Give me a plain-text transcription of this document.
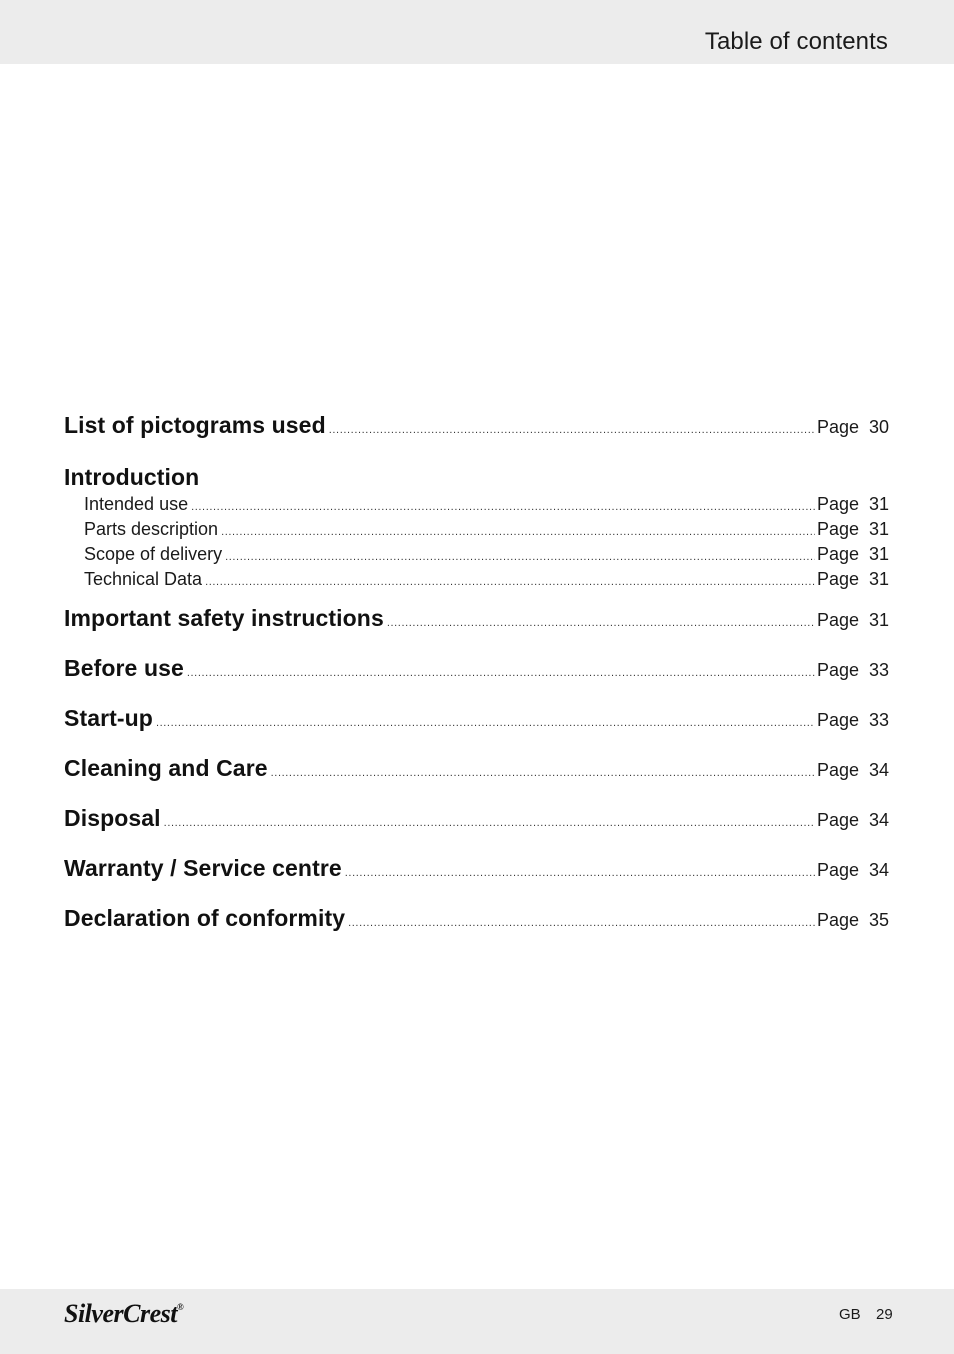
Table of contents
List of pictograms used .....	Page 30
Introduction
Intended use .....	Page 31
Parts description .....	Page 31
Scope of delivery .....	Page 31
Technical Data .....	Page 31
Important safety instructions .....	Page 31
Before use .....	Page 33
Start-up .....	Page 33
Cleaning and Care .....	Page 34
Disposal .....	Page 34
Warranty / Service centre .....	Page 34
Declaration of conformity .....	Page 35
SilverCrest®	GB 29
